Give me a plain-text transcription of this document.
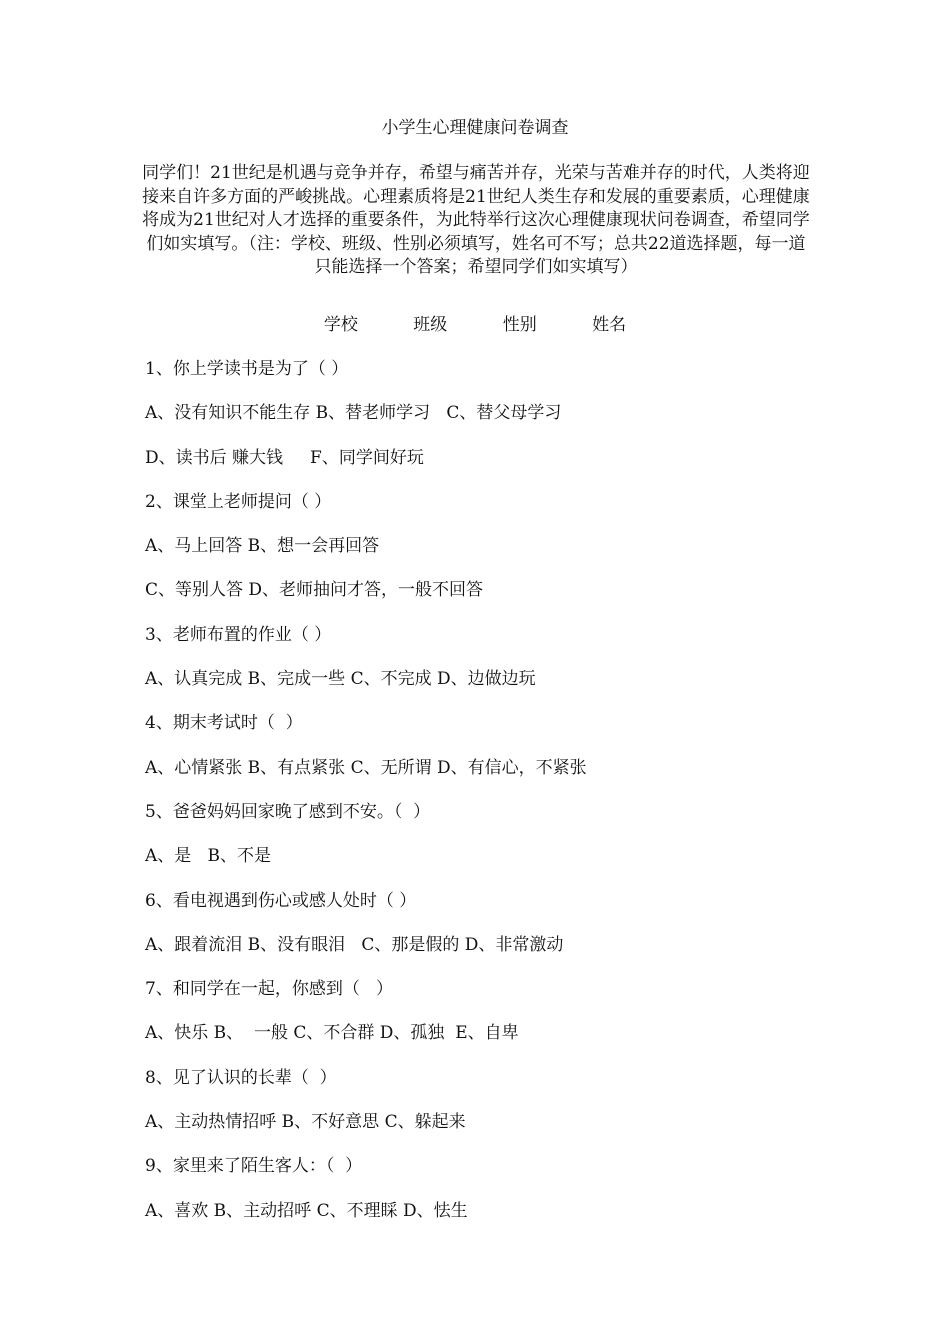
小学生心理健康问卷调查
同学们！21世纪是机遇与竞争并存，希望与痛苦并存，光荣与苦难并存的时代，人类将迎接来自许多方面的严峻挑战。心理素质将是21世纪人类生存和发展的重要素质，心理健康将成为21世纪对人才选择的重要条件，为此特举行这次心理健康现状问卷调查，希望同学们如实填写。（注：学校、班级、性别必须填写，姓名可不写；总共22道选择题，每一道只能选择一个答案；希望同学们如实填写）
学校	班级	性别	姓名
1、你上学读书是为了（ ）
A、没有知识不能生存 B、替老师学习   C、替父母学习
D、读书后 赚大钱     F、同学间好玩
2、课堂上老师提问（ ）
A、马上回答 B、想一会再回答
C、等别人答 D、老师抽问才答，一般不回答
3、老师布置的作业（ ）
A、认真完成 B、完成一些 C、不完成 D、边做边玩
4、期末考试时（  ）
A、心情紧张 B、有点紧张 C、无所谓 D、有信心，不紧张
5、爸爸妈妈回家晚了感到不安。（  ）
A、是   B、不是
6、看电视遇到伤心或感人处时（ ）
A、跟着流泪 B、没有眼泪   C、那是假的 D、非常激动
7、和同学在一起，你感到（   ）
A、快乐 B、  一般 C、不合群 D、孤独  E、自卑
8、见了认识的长辈（  ）
A、主动热情招呼 B、不好意思 C、躲起来
9、家里来了陌生客人：（  ）
A、喜欢 B、主动招呼 C、不理睬 D、怯生
